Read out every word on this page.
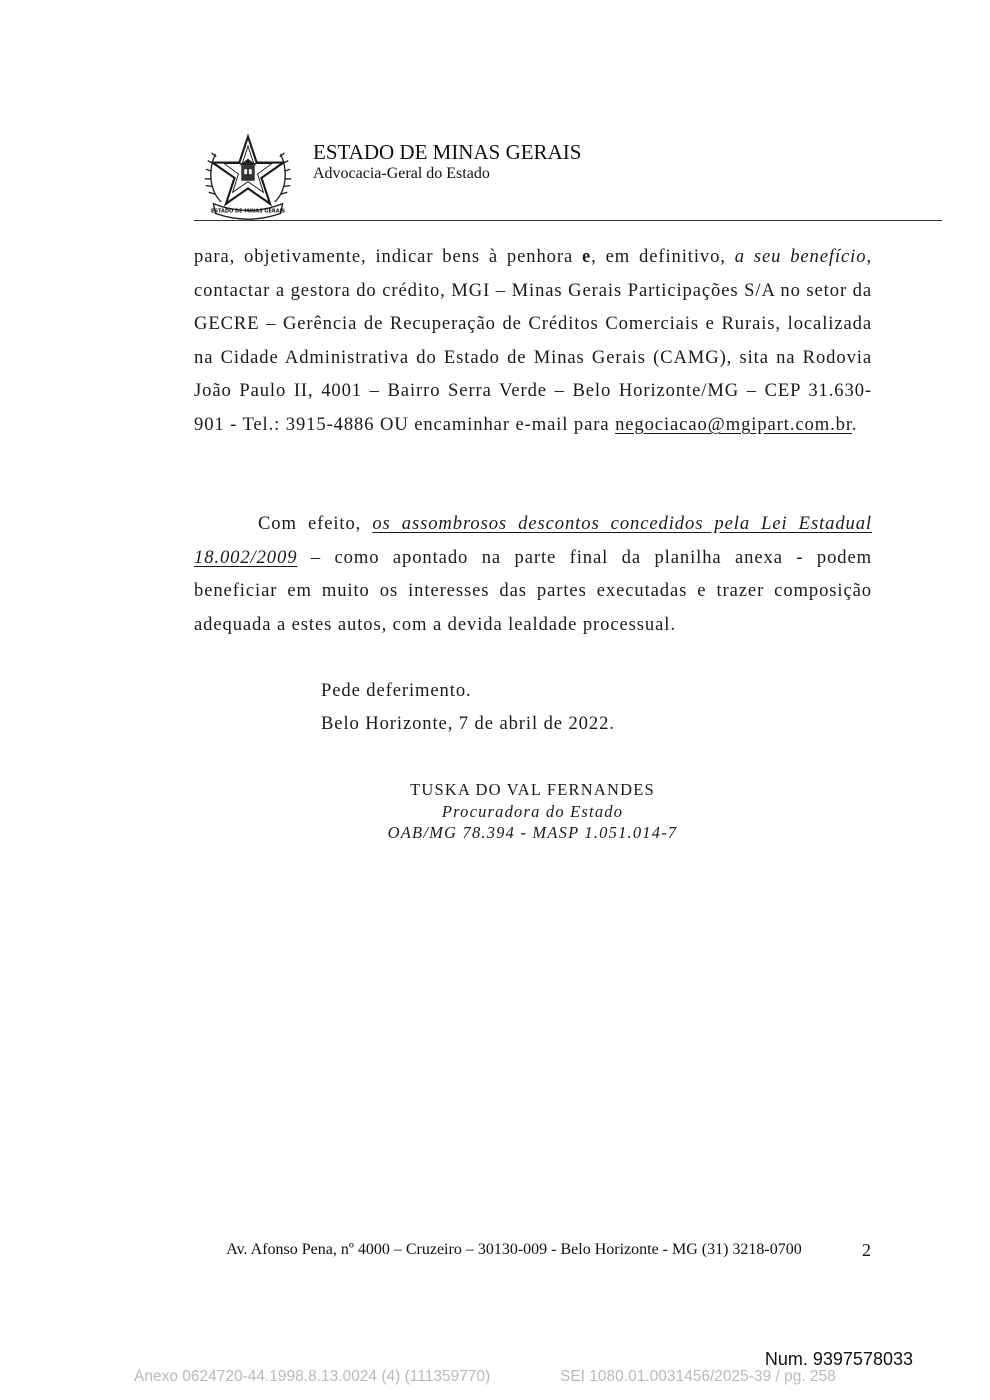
ESTADO DE MINAS GERAIS
ESTADO DE MINAS GERAIS
Advocacia-Geral do Estado

para, objetivamente, indicar bens à penhora e, em definitivo, a seu benefício, contactar a gestora do crédito, MGI – Minas Gerais Participações S/A no setor da GECRE – Gerência de Recuperação de Créditos Comerciais e Rurais, localizada na Cidade Administrativa do Estado de Minas Gerais (CAMG), sita na Rodovia João Paulo II, 4001 – Bairro Serra Verde – Belo Horizonte/MG – CEP 31.630-901 - Tel.: 3915-4886 OU encaminhar e-mail para negociacao@mgipart.com.br.

Com efeito, os assombrosos descontos concedidos pela Lei Estadual 18.002/2009 – como apontado na parte final da planilha anexa - podem beneficiar em muito os interesses das partes executadas e trazer composição adequada a estes autos, com a devida lealdade processual.

Pede deferimento.
Belo Horizonte, 7 de abril de 2022.
TUSKA DO VAL FERNANDES
Procuradora do Estado
OAB/MG 78.394 - MASP 1.051.014-7
Av. Afonso Pena, nº 4000 – Cruzeiro – 30130-009 - Belo Horizonte - MG (31) 3218-0700	2
Num. 9397578033
Anexo 0624720-44.1998.8.13.0024 (4) (111359770)	SEI 1080.01.0031456/2025-39 / pg. 258
